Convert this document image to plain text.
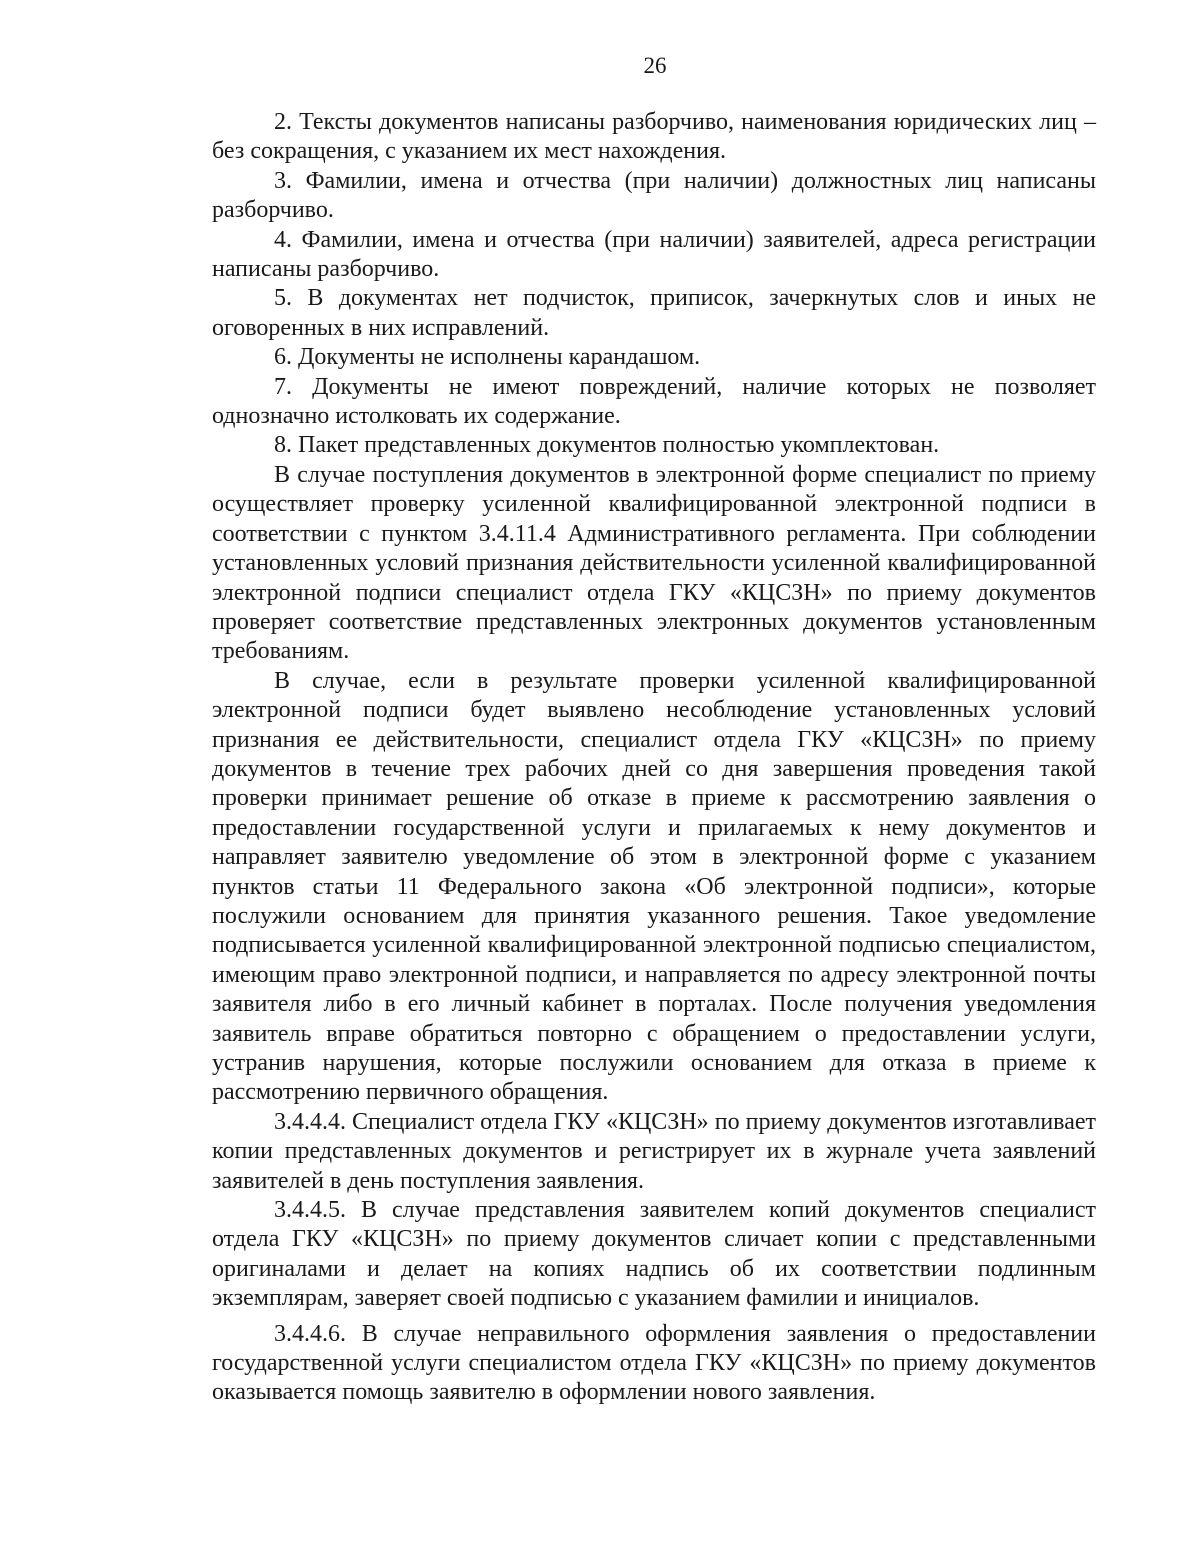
26

2. Тексты документов написаны разборчиво, наименования юридических лиц – без сокращения, с указанием их мест нахождения.

3. Фамилии, имена и отчества (при наличии) должностных лиц написаны разборчиво.

4. Фамилии, имена и отчества (при наличии) заявителей, адреса регистрации написаны разборчиво.

5. В документах нет подчисток, приписок, зачеркнутых слов и иных не оговоренных в них исправлений.

6. Документы не исполнены карандашом.

7. Документы не имеют повреждений, наличие которых не позволяет однозначно истолковать их содержание.

8. Пакет представленных документов полностью укомплектован.

В случае поступления документов в электронной форме специалист по приему осуществляет проверку усиленной квалифицированной электронной подписи в соответствии с пунктом 3.4.11.4 Административного регламента. При соблюдении установленных условий признания действительности усиленной квалифицированной электронной подписи специалист отдела ГКУ «КЦСЗН» по приему документов проверяет соответствие представленных электронных документов установленным требованиям.

В случае, если в результате проверки усиленной квалифицированной электронной подписи будет выявлено несоблюдение установленных условий признания ее действительности, специалист отдела ГКУ «КЦСЗН» по приему документов в течение трех рабочих дней со дня завершения проведения такой проверки принимает решение об отказе в приеме к рассмотрению заявления о предоставлении государственной услуги и прилагаемых к нему документов и направляет заявителю уведомление об этом в электронной форме с указанием пунктов статьи 11 Федерального закона «Об электронной подписи», которые послужили основанием для принятия указанного решения. Такое уведомление подписывается усиленной квалифицированной электронной подписью специалистом, имеющим право электронной подписи, и направляется по адресу электронной почты заявителя либо в его личный кабинет в порталах. После получения уведомления заявитель вправе обратиться повторно с обращением о предоставлении услуги, устранив нарушения, которые послужили основанием для отказа в приеме к рассмотрению первичного обращения.

3.4.4.4. Специалист отдела ГКУ «КЦСЗН» по приему документов изготавливает копии представленных документов и регистрирует их в журнале учета заявлений заявителей в день поступления заявления.

3.4.4.5. В случае представления заявителем копий документов специалист отдела ГКУ «КЦСЗН» по приему документов сличает копии с представленными оригиналами и делает на копиях надпись об их соответствии подлинным экземплярам, заверяет своей подписью с указанием фамилии и инициалов.

3.4.4.6. В случае неправильного оформления заявления о предоставлении государственной услуги специалистом отдела ГКУ «КЦСЗН» по приему документов оказывается помощь заявителю в оформлении нового заявления.
